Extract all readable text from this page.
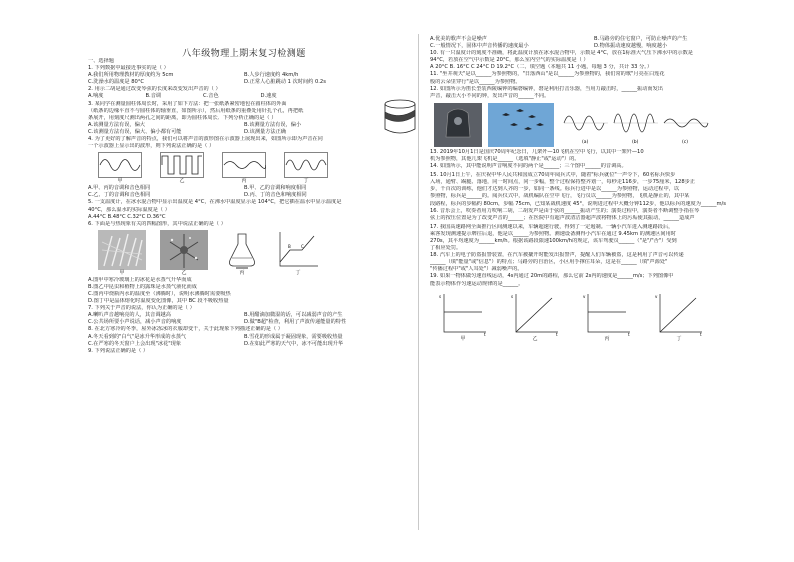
八年级物理上期末复习检测题
一、选择题
1. 下列数据中最接近事实的是（ ）
A.我们所用物理教材的厚度约为 5cm	B.人步行速度约 4km/h
C.洗澡水的温度是 80°C	D.正常人心脏跳动 1 次时间约 0.2s
2. 用示二胡是通过改变琴弦的长度来改变发出声音的（ ）
A.响度	B.音调	C.音色	D.速度
3. 某同学在测量圆柱体周长时，采用了如下方法：把一张纸条紧密地包在圆柱体的外面
（纸条的边缘平直不与圆柱体的轴垂直，如图所示），然后用纸条的重叠处用针扎个孔，再把纸
条展开，用刻度尺测出两孔之间的距离，即为圆柱体周长．下列分析正确的是（ ）
A.该测量方法有误，偏大	B.该测量方法有误，偏小
C.该测量方法有误，偏大、偏小都有可能	D.该测量方法正确
4. 为了更好的了解声音的特点，我们可以将声音的波形图在示波器上展现出来，如图所示即为声音在同
一个示波器上显示出的波形，则下列说法正确的是（ ）
甲	乙	丙	丁
A.甲、丙的音调和音色相同	B.甲、乙的音调和响度相同
C.乙、丁的音调和音色相同	D.丙、丁的音色和响度相同
5. 一支温度计，在冰水混合物中显示出温度是 4°C，在沸水中温度显示是 104°C，把它插在温水中显示温度是
40°C，那么温水的实际温度是（ ）
A.44°C B.48°C C.32°C D.36°C
6. 下面是与热现象有关的四幅图形，其中说法正确的是（ ）
甲	乙	丙
B	C
丁
A.图甲中寒冷玻璃上的冰花是水蒸气升华而成
B.图乙中昆虫和植物上的露珠是水蒸气液化而成
C.图丙中烧瓶内水的温度至（沸腾时），说明水沸腾时需要吸热
D.图丁中是晶体熔化时温度变化图像，其中 BC 段不吸收热量
7. 下列关于声音的说法，你认为正确的是（ ）
A.喇叭声音越响亮的人，其音调越高	B.用醋滴加微湿的话，可以减弱声音的产生
C.公共场所要小声说话，减小声音的响度	D.做"B超"检查，利用了声波传递能量的特性
8. 在北方寒冷的冬季，屋外冰冻冰的衣服却变干，关于此现象下列描述正确的是（ ）
A.冬天看到的"白气"是冰升华形成的水蒸气	B.雪花的形成属于凝固现象，需要吸收热量
C.在严寒的冬天窗户上会出现"冰花"现象	D.在如此严寒的天气中，冰不可能出现升华
9. 下列说法正确的是（ ）
A.优美的歌声不会是噪声	B.马路旁的住宅窗户，可防止噪声的产生
C.一般情况下，固体中声音传播的速度最小	D.物体振动速度越慢，响度越小
10. 有一只温度计的刻度不准确，将此温度计放在冰水混合物中，示数是 4°C，放在1标准大气压下沸水中的示数是
94°C，若放在空气中示数是 20°C，那么室内空气的实际温度是（ ）
A 20°C B. 16°C C 24°C D 19.2°C（二、填空题（本题共 11 小题，每题 3 分，共计 33 分。）
11. "坐井观天"是以______为参照物的，"日落西山"是以______为参照物的，我们常的歌"月亮在白莲花
般的云朵里穿行"是以______为参照物。
12. 如图所示为笛长型装西陵编钟的编磬编钟，磬是利用打击乐器，当用力敲击时，______振动而发出
声音，敲击大小不同的钟，发出声音的______不同。
(a)	(b)	(c)
13. 2019年10月1日是国庆70周年纪念日，几架歼—10飞机在空中飞行，以其中一架歼—10
机为参照物，其他几架飞机是______（选填"静止"或"运动"）的。
14. 如图所示，其中能说明声音响度不同的两个是______；三个图中______的音调高。
15. 10月1日上午，在庆祝中华人民共和国成立70周年阅兵式中，随着"标兵就位"一声令下，60名标兵快步
入场，通臂、踢腿、落地，同一时间点，同一步幅，整个过程保持整齐划一，每秒走116步，一步75厘米，128步正
步，千百次的训练，他们才达到人齐的一步，如同一条线。标兵行进中是以______为参照物，运动过程中，以
参照物，标兵是______的。阅兵仪式中，战机编队在空中飞行，飞行员以______为参照物，飞机是静止的，其中某
段路程，标兵的步幅约 80cm，步幅 75cm，已知某战机速度 45°，说明进过程中大概分钟112步，他以标兵的速度为______m/s
16. 音乐会上，吹奏者用力吹响二胡，二胡发声是由于弦的______振动产生的；演奏过程中，演奏者不断调整手指在琴
弦上的按压位置是为了改变声音的______；在医院中有超声波清洁器超声波将物体上的污垢使其振动，______造成声
17. 我国高速路网全面推行区间测速以来，车辆超速行驶，得到了一定遏制。一辆小汽车进入测速路段后，
乘客发现测速提示牌往后退，他是以______为参照物。测速设备测得小汽车在通过 9.45km 的测速区间用时
270s，其平均速度为______km/h。根据该路段限速100km/h的规定，该车驾驶员______（"是"/"否"）受到
了相应处罚。
18. 汽车上的电子防盗报警装置，在汽车被撬开时能发出报警声，提醒人们车辆被盗，这是利用了声音可以传递
______（填"能量"或"信息"）的特点；马路旁的自治区，小区用手撑住耳朵，这是在______（填"声源处"
"传播过程中"或"人耳处"）减弱噪声的。
19. 如果一物体做匀速直线运动，4s内通过 20m的路程，那么它前 2s内的速度是______m/s；下列图像中
能表示物体作匀速运动规律的是______。
s
t
甲
s
t
乙
v
t
丙
v
t
丁
